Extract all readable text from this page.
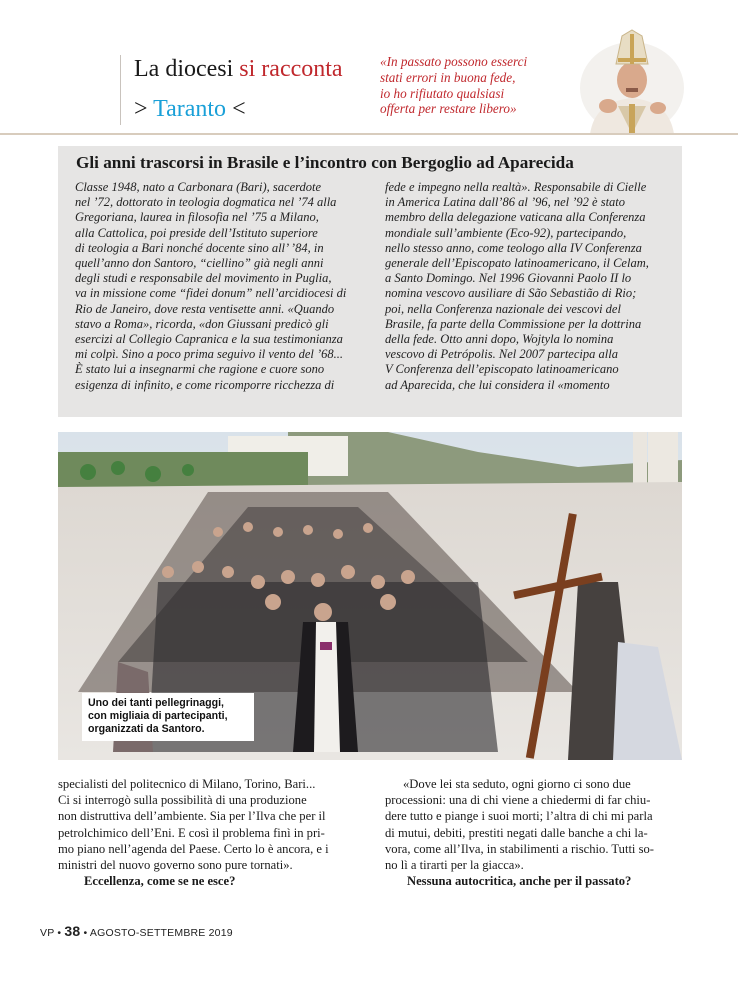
La diocesi si racconta
> Taranto <
«In passato possono esserci
stati errori in buona fede,
io ho rifiutato qualsiasi
offerta per restare libero»
Gli anni trascorsi in Brasile e l’incontro con Bergoglio ad Aparecida

Classe 1948, nato a Carbonara (Bari), sacerdote

nel ’72, dottorato in teologia dogmatica nel ’74 alla

Gregoriana, laurea in filosofia nel ’75 a Milano,

alla Cattolica, poi preside dell’Istituto superiore

di teologia a Bari nonché docente sino all’ ’84, in

quell’anno don Santoro, “ciellino” già negli anni

degli studi e responsabile del movimento in Puglia,

va in missione come “fidei donum” nell’arcidiocesi di

Rio de Janeiro, dove resta ventisette anni. «Quando

stavo a Roma», ricorda, «don Giussani predicò gli

esercizi al Collegio Capranica e la sua testimonianza

mi colpì. Sino a poco prima seguivo il vento del ’68...

È stato lui a insegnarmi che ragione e cuore sono

esigenza di infinito, e come ricomporre ricchezza di

fede e impegno nella realtà». Responsabile di Cielle

in America Latina dall’86 al ’96, nel ’92 è stato

membro della delegazione vaticana alla Conferenza

mondiale sull’ambiente (Eco-92), partecipando,

nello stesso anno, come teologo alla IV Conferenza

generale dell’Episcopato latinoamericano, il Celam,

a Santo Domingo. Nel 1996 Giovanni Paolo II lo

nomina vescovo ausiliare di São Sebastião di Rio;

poi, nella Conferenza nazionale dei vescovi del

Brasile, fa parte della Commissione per la dottrina

della fede. Otto anni dopo, Wojtyla lo nomina

vescovo di Petrópolis. Nel 2007 partecipa alla

V Conferenza dell’episcopato latinoamericano

ad Aparecida, che lui considera il «momento

Uno dei tanti pellegrinaggi,
con migliaia di partecipanti,
organizzati da Santoro.

specialisti del politecnico di Milano, Torino, Bari...

Ci si interrogò sulla possibilità di una produzione

non distruttiva dell’ambiente. Sia per l’Ilva che per il

petrolchimico dell’Eni. E così il problema finì in pri-

mo piano nell’agenda del Paese. Certo lo è ancora, e i

ministri del nuovo governo sono pure tornati».

Eccellenza, come se ne esce?

«Dove lei sta seduto, ogni giorno ci sono due

processioni: una di chi viene a chiedermi di far chiu-

dere tutto e piange i suoi morti; l’altra di chi mi parla

di mutui, debiti, prestiti negati dalle banche a chi la-

vora, come all’Ilva, in stabilimenti a rischio. Tutti so-

no lì a tirarti per la giacca».

Nessuna autocritica, anche per il passato?

VP • 38 • AGOSTO-SETTEMBRE 2019
